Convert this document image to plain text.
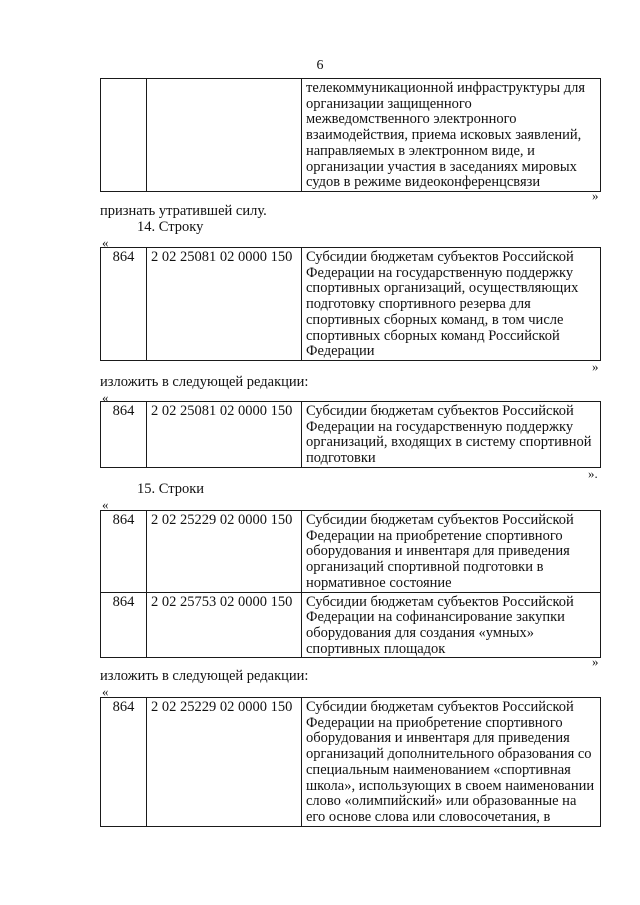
6

телекоммуникационной инфраструктуры для
организации защищенного
межведомственного электронного
взаимодействия, приема исковых заявлений,
направляемых в электронном виде, и
организации участия в заседаниях мировых
судов в режиме видеоконференцсвязи
»
признать утратившей силу.
14. Строку
«
864	2 02 25081 02 0000 150	Субсидии бюджетам субъектов Российской
Федерации на государственную поддержку
спортивных организаций, осуществляющих
подготовку спортивного резерва для
спортивных сборных команд, в том числе
спортивных сборных команд Российской
Федерации
»
изложить в следующей редакции:
«
864	2 02 25081 02 0000 150	Субсидии бюджетам субъектов Российской
Федерации на государственную поддержку
организаций, входящих в систему спортивной
подготовки
».
15. Строки
«
864	2 02 25229 02 0000 150	Субсидии бюджетам субъектов Российской
Федерации на приобретение спортивного
оборудования и инвентаря для приведения
организаций спортивной подготовки в
нормативное состояние

864	2 02 25753 02 0000 150	Субсидии бюджетам субъектов Российской
Федерации на софинансирование закупки
оборудования для создания «умных»
спортивных площадок
»
изложить в следующей редакции:
«
864	2 02 25229 02 0000 150	Субсидии бюджетам субъектов Российской
Федерации на приобретение спортивного
оборудования и инвентаря для приведения
организаций дополнительного образования со
специальным наименованием «спортивная
школа», использующих в своем наименовании
слово «олимпийский» или образованные на
его основе слова или словосочетания, в
